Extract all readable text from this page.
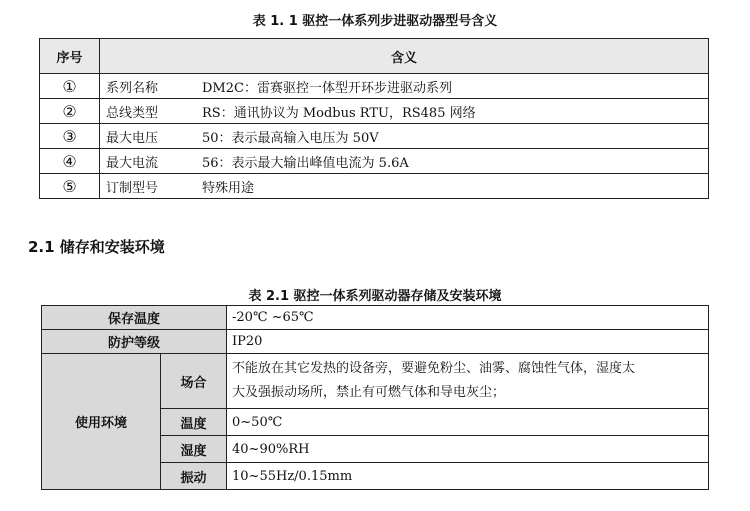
表 1. 1 驱控一体系列步进驱动器型号含义
序号	含义
①	系列名称 DM2C：雷赛驱控一体型开环步进驱动系列
②	总线类型 RS：通讯协议为 Modbus RTU，RS485 网络
③	最大电压 50：表示最高输入电压为 50V
④	最大电流 56：表示最大输出峰值电流为 5.6A
⑤	订制型号 特殊用途
2.1 储存和安装环境
表 2.1 驱控一体系列驱动器存储及安装环境
保存温度		-20℃ ~65℃
防护等级		IP20
使用环境	场合	不能放在其它发热的设备旁，要避免粉尘、油雾、腐蚀性气体，湿度太
大及强振动场所，禁止有可燃气体和导电灰尘；

	温度	0~50℃
	湿度	40~90%RH
	振动	10~55Hz/0.15mm
